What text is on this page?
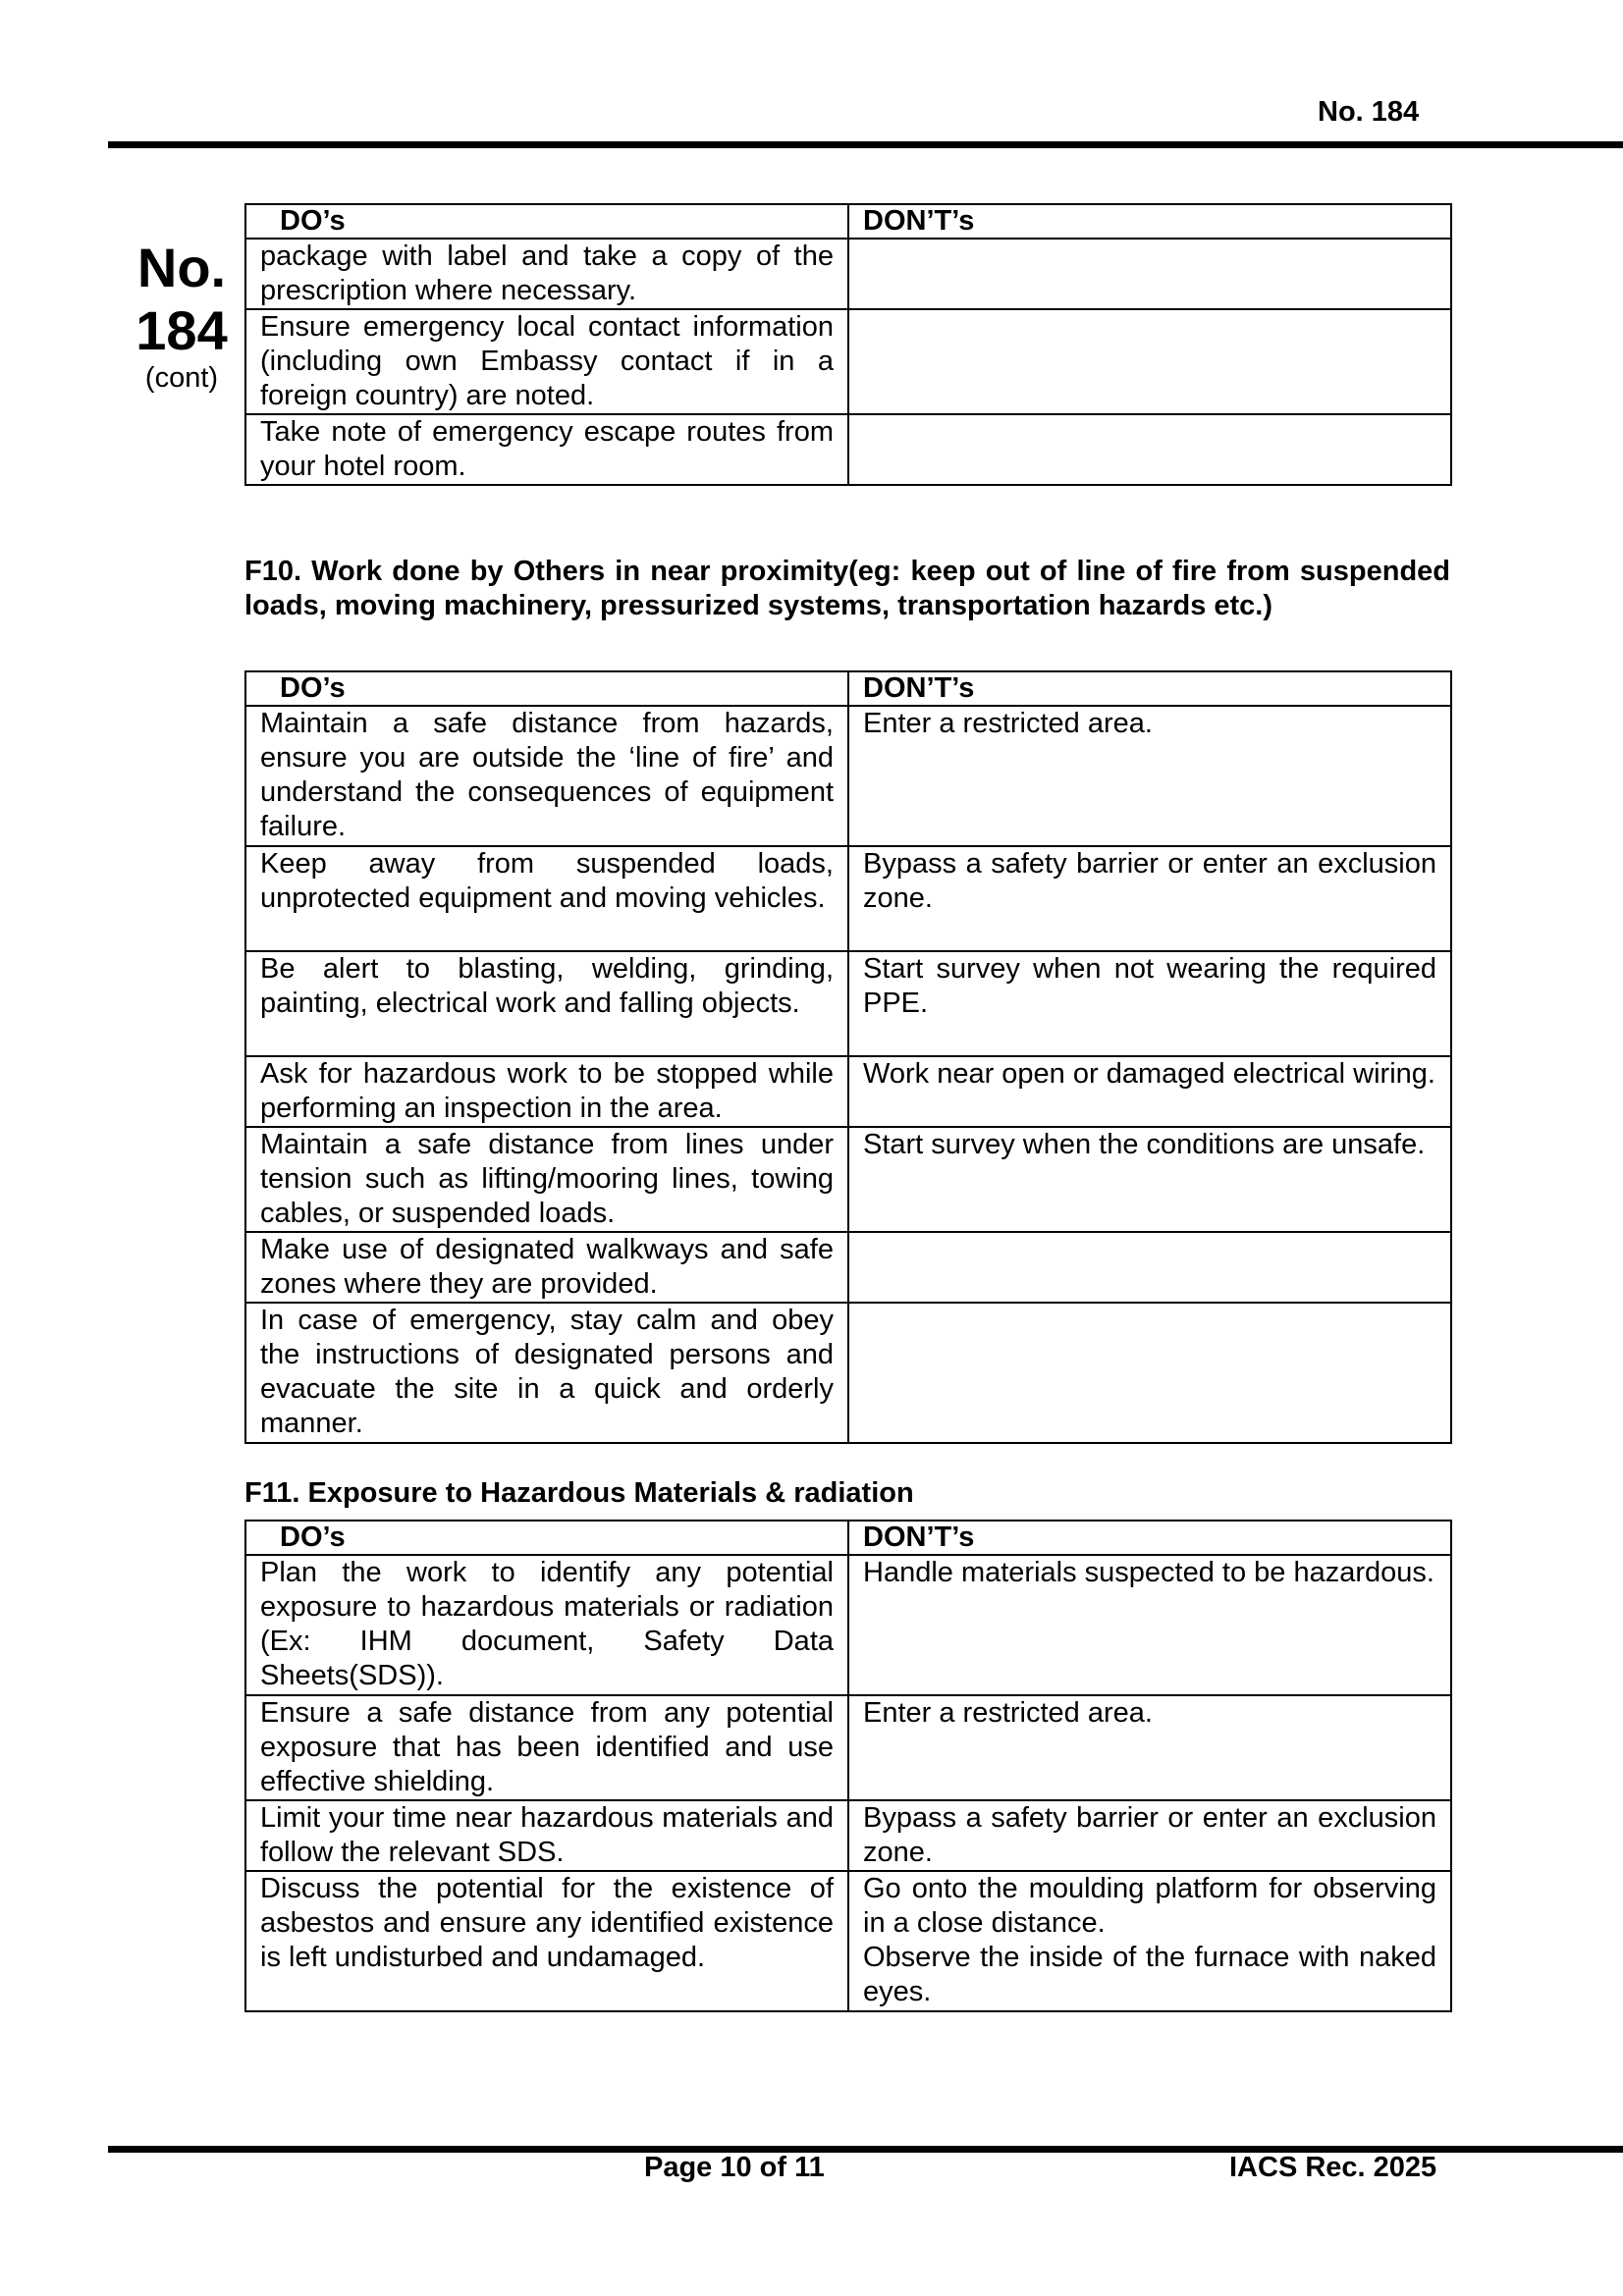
No. 184
No.
184
(cont)
DO’s	DON’T’s
package with label and take a copy of the prescription where necessary.	
Ensure emergency local contact information (including own Embassy contact if in a foreign country) are noted.	
Take note of emergency escape routes from your hotel room.	
F10. Work done by Others in near proximity(eg: keep out of line of fire from suspended loads, moving machinery, pressurized systems, transportation hazards etc.)
DO’s	DON’T’s
Maintain a safe distance from hazards, ensure you are outside the ‘line of fire’ and understand the consequences of equipment failure.	Enter a restricted area.
Keep away from suspended loads, unprotected equipment and moving vehicles.	Bypass a safety barrier or enter an exclusion zone.
Be alert to blasting, welding, grinding, painting, electrical work and falling objects.	Start survey when not wearing the required PPE.
Ask for hazardous work to be stopped while performing an inspection in the area.	Work near open or damaged electrical wiring.
Maintain a safe distance from lines under tension such as lifting/mooring lines, towing cables, or suspended loads.	Start survey when the conditions are unsafe.
Make use of designated walkways and safe zones where they are provided.	
In case of emergency, stay calm and obey the instructions of designated persons and evacuate the site in a quick and orderly manner.	
F11. Exposure to Hazardous Materials & radiation
DO’s	DON’T’s
Plan the work to identify any potential exposure to hazardous materials or radiation (Ex: IHM document, Safety Data Sheets(SDS)).	Handle materials suspected to be hazardous.
Ensure a safe distance from any potential exposure that has been identified and use effective shielding.	Enter a restricted area.
Limit your time near hazardous materials and follow the relevant SDS.	Bypass a safety barrier or enter an exclusion zone.
Discuss the potential for the existence of asbestos and ensure any identified existence is left undisturbed and undamaged.	Go onto the moulding platform for observing in a close distance.
Observe the inside of the furnace with naked eyes.
Page 10 of 11	IACS Rec. 2025
